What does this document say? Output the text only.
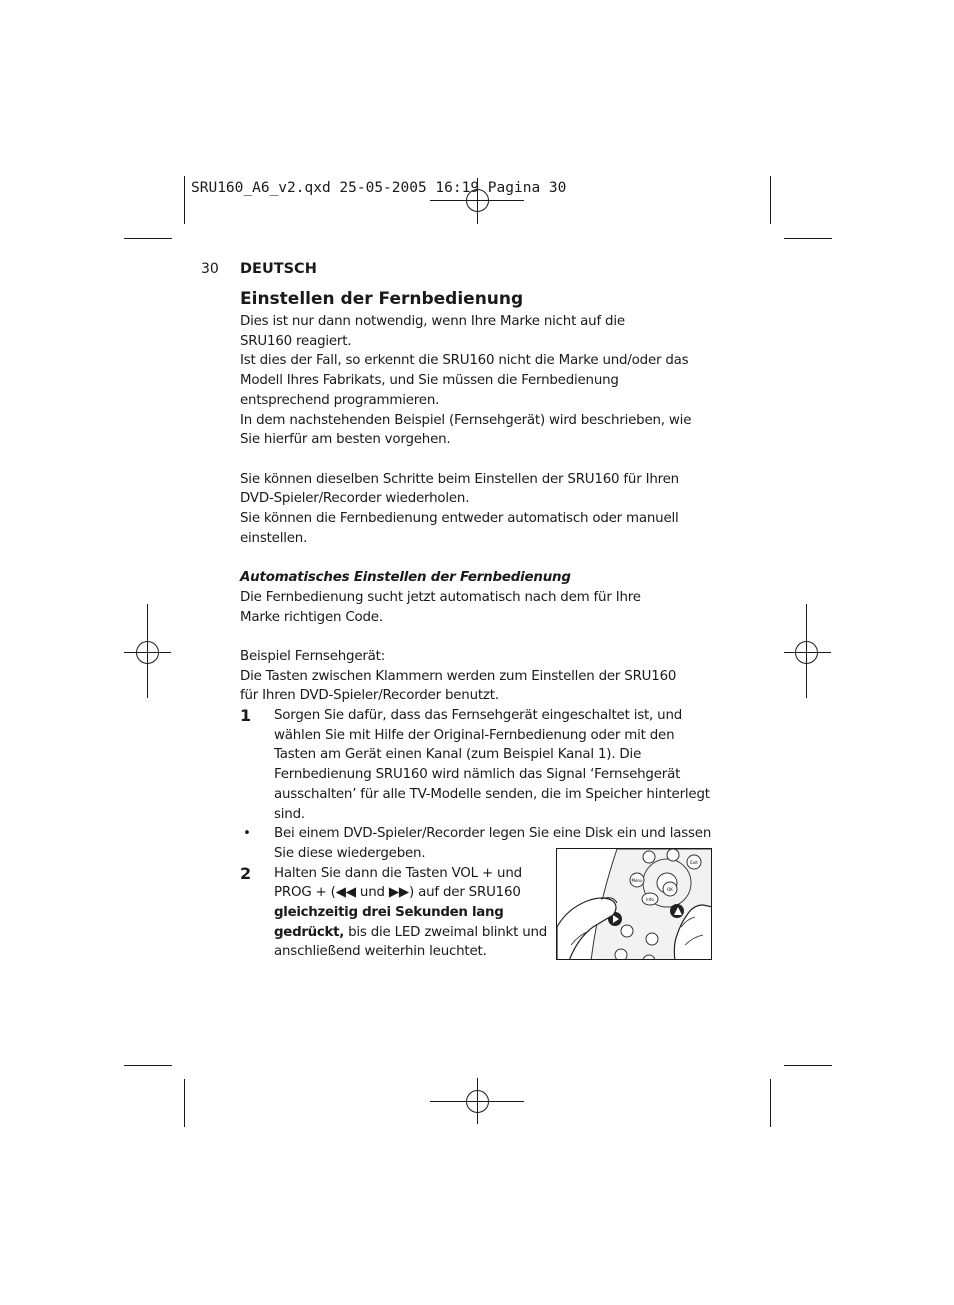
SRU160_A6_v2.qxd 25-05-2005 16:19 Pagina 30
30 DEUTSCH
Einstellen der Fernbedienung

Dies ist nur dann notwendig, wenn Ihre Marke nicht auf die SRU160 reagiert.

Ist dies der Fall, so erkennt die SRU160 nicht die Marke und/oder das Modell Ihres Fabrikats, und Sie müssen die Fernbedienung entsprechend programmieren.

In dem nachstehenden Beispiel (Fernsehgerät) wird beschrieben, wie Sie hierfür am besten vorgehen.

Sie können dieselben Schritte beim Einstellen der SRU160 für Ihren DVD-Spieler/Recorder wiederholen.

Sie können die Fernbedienung entweder automatisch oder manuell einstellen.

Automatisches Einstellen der Fernbedienung

Die Fernbedienung sucht jetzt automatisch nach dem für Ihre Marke richtigen Code.

Beispiel Fernsehgerät:

Die Tasten zwischen Klammern werden zum Einstellen der SRU160 für Ihren DVD-Spieler/Recorder benutzt.

1	Sorgen Sie dafür, dass das Fernsehgerät eingeschaltet ist, und wählen Sie mit Hilfe der Original-Fernbedienung oder mit den Tasten am Gerät einen Kanal (zum Beispiel Kanal 1). Die Fernbedienung SRU160 wird nämlich das Signal ‘Fernsehgerät ausschalten’ für alle TV-Modelle senden, die im Speicher hinterlegt sind.
•	Bei einem DVD-Spieler/Recorder legen Sie eine Disk ein und lassen Sie diese wiedergeben.
2	Halten Sie dann die Tasten VOL + und PROG + (◀◀ und ▶▶) auf der SRU160 gleichzeitig drei Sekunden lang gedrückt, bis die LED zweimal blinkt und anschließend weiterhin leuchtet.
Menu
OK
Exit
Info
